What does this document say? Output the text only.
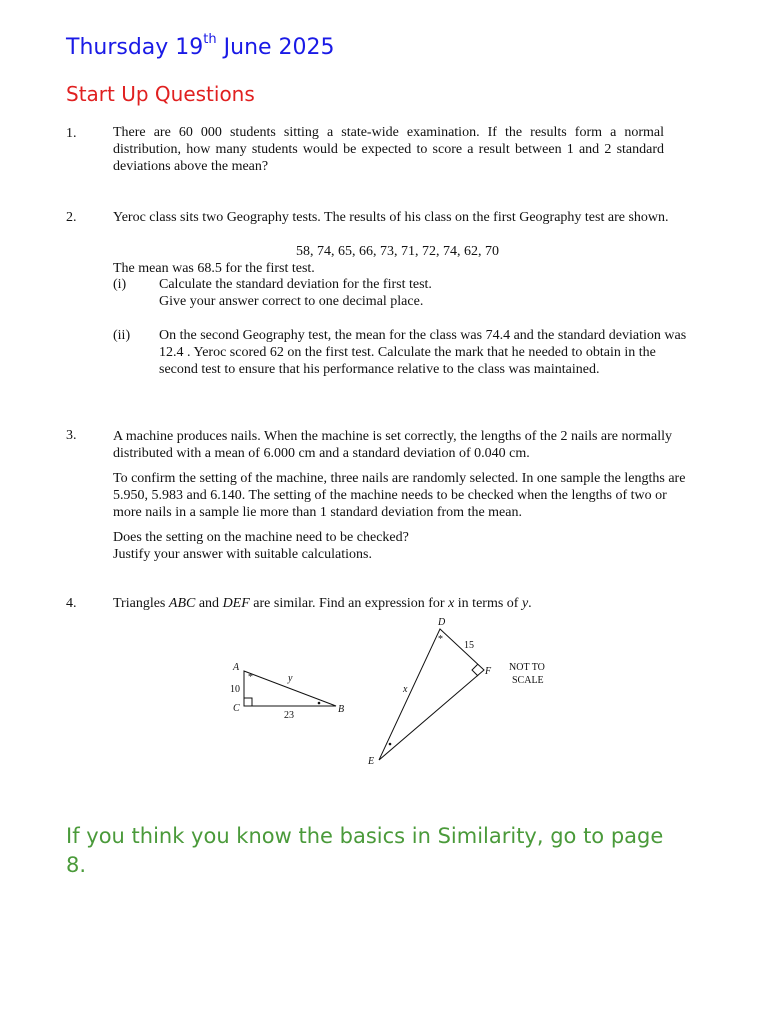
Thursday 19th June 2025
Start Up Questions
1.	There are 60 000 students sitting a state-wide examination. If the results form a normal distribution, how many students would be expected to score a result between 1 and 2 standard deviations above the mean?
2.	Yeroc class sits two Geography tests. The results of his class on the first Geography test are shown.
58, 74, 65, 66, 73, 71, 72, 74, 62, 70
The mean was 68.5 for the first test.
(i) Calculate the standard deviation for the first test.
Give your answer correct to one decimal place.
(ii) On the second Geography test, the mean for the class was 74.4 and the standard deviation was 12.4 . Yeroc scored 62 on the first test. Calculate the mark that he needed to obtain in the second test to ensure that his performance relative to the class was maintained.
3.	A machine produces nails. When the machine is set correctly, the lengths of the 2 nails are normally distributed with a mean of 6.000 cm and a standard deviation of 0.040 cm.
To confirm the setting of the machine, three nails are randomly selected. In one sample the lengths are 5.950, 5.983 and 6.140. The setting of the machine needs to be checked when the lengths of two or more nails in a sample lie more than 1 standard deviation from the mean.
Does the setting on the machine need to be checked?
Justify your answer with suitable calculations.
4.	Triangles ABC and DEF are similar. Find an expression for x in terms of y.
*
A
B
C
10
23
y
*
D
F
E
15
x
NOT TO
SCALE
If you think you know the basics in Similarity, go to page 8.
